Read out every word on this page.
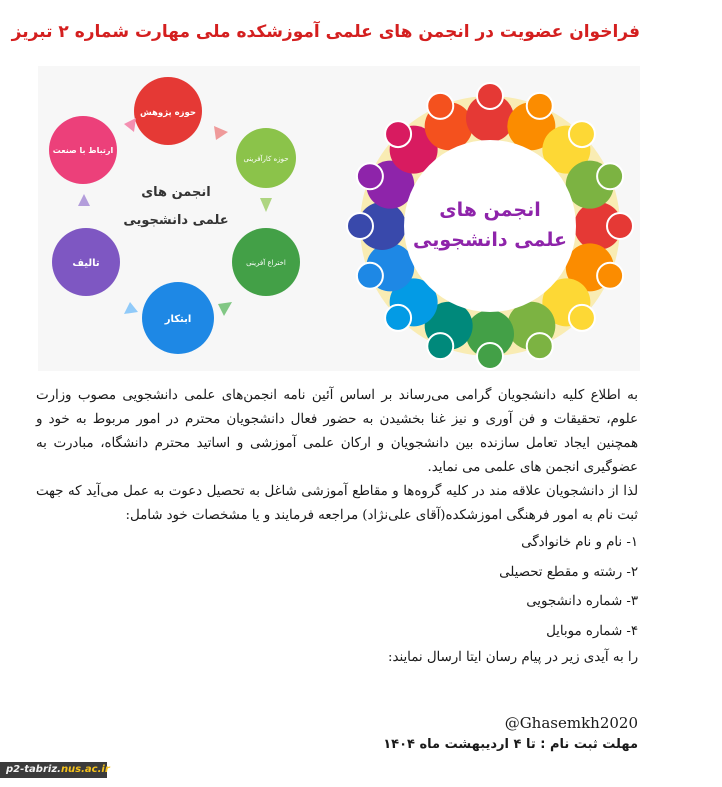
فراخوان عضویت در انجمن های علمی آموزشکده ملی مهارت شماره ۲ تبریز
انجمن های
علمی دانشجویی
حوزه پژوهش
حوزه کارآفرینی
اختراع آفرینی
ابتکار
تالیف
ارتباط با صنعت
انجمن های
علمی دانشجویی

به اطلاع کلیه دانشجویان گرامی می‌رساند بر اساس آئین نامه انجمن‌های علمی دانشجویی مصوب وزارت علوم، تحقیقات و فن آوری و نیز غنا بخشیدن به حضور فعال دانشجویان محترم در امور مربوط به خود و همچنین ایجاد تعامل سازنده بین دانشجویان و ارکان علمی آموزشی و اساتید محترم دانشگاه، مبادرت به عضوگیری انجمن های علمی می نماید.

لذا از دانشجویان علاقه مند در کلیه گروه‌ها و مقاطع آموزشی شاغل به تحصیل دعوت به عمل می‌آید که جهت ثبت نام به امور فرهنگی اموزشکده(آقای علی‌نژاد) مراجعه فرمایند و یا مشخصات خود شامل:

۱- نام و نام خانوادگی
۲- رشته و مقطع تحصیلی
۳- شماره دانشجویی
۴- شماره موبایل

را به آیدی زیر در پیام رسان ایتا ارسال نمایند:

@Ghasemkh2020
مهلت ثبت نام : تا ۴ اردیبهشت ماه ۱۴۰۴
p2-tabriz.nus.ac.ir
